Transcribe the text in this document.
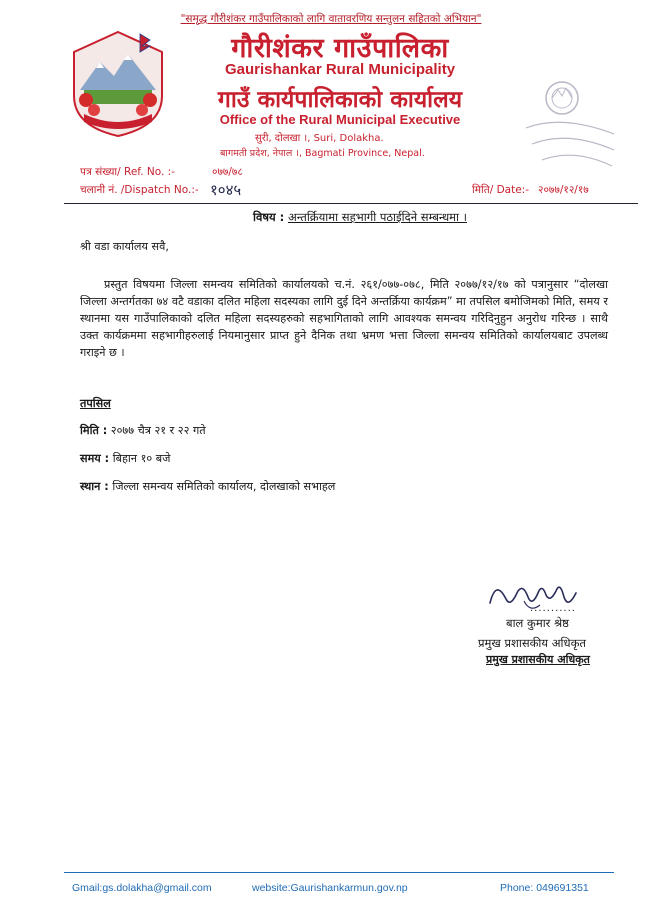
"समृद्ध गौरीशंकर गाउँपालिकाको लागि वातावरणिय सन्तुलन सहितको अभियान"
गौरीशंकर गाउँपालिका
Gaurishankar Rural Municipality
गाउँ कार्यपालिकाको कार्यालय
Office of the Rural Municipal Executive
सुरी, दोलखा ।, Suri, Dolakha.
बागमती प्रदेश, नेपाल ।, Bagmati Province, Nepal.
पत्र संख्या/ Ref. No. :-	०७७/७८
चलानी नं. /Dispatch No.:- १०४५	मिति/ Date:- २०७७/१२/१७
विषय : अन्तर्क्रियामा सहभागी पठाईदिने सम्बन्धमा ।
श्री वडा कार्यालय सवै,
प्रस्तुत विषयमा जिल्ला समन्वय समितिको कार्यालयको च.नं. २६१/०७७-०७८, मिति २०७७/१२/१७ को पत्रानुसार “दोलखा जिल्ला अन्तर्गतका ७४ वटै वडाका दलित महिला सदस्यका लागि दुई दिने अन्तर्क्रिया कार्यक्रम” मा तपसिल बमोजिमको मिति, समय र स्थानमा यस गाउँपालिकाको दलित महिला सदस्यहरुको सहभागिताको लागि आवश्यक समन्वय गरिदिनुहुन अनुरोध गरिन्छ । साथै उक्त कार्यक्रममा सहभागीहरुलाई नियमानुसार प्राप्त हुने दैनिक तथा भ्रमण भत्ता जिल्ला समन्वय समितिको कार्यालयबाट उपलब्ध गराइने छ ।
तपसिल
मिति : २०७७ चैत्र २१ र २२ गते
समय : बिहान १० बजे
स्थान : जिल्ला समन्वय समितिको कार्यालय, दोलखाको सभाहल
...........
बाल कुमार श्रेष्ठ
प्रमुख प्रशासकीय अधिकृत
प्रमुख प्रशासकीय अधिकृत
Gmail:gs.dolakha@gmail.com	website:Gaurishankarmun.gov.np	Phone: 049691351
